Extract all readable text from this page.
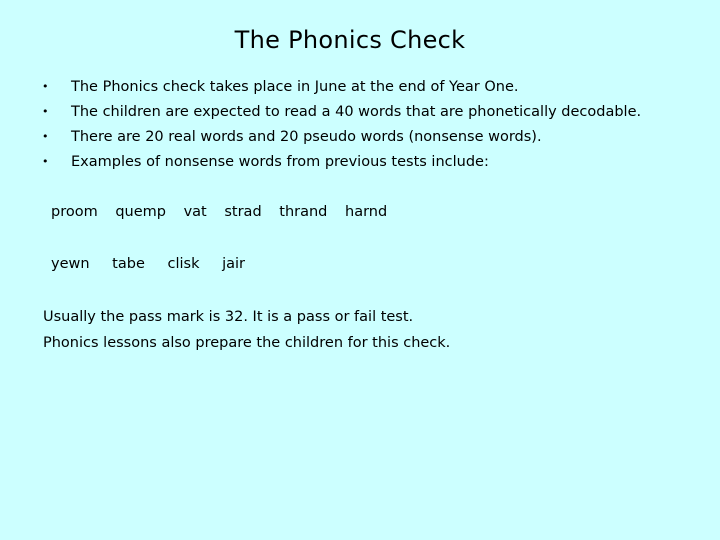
The Phonics Check
• The Phonics check takes place in June at the end of Year One.
• The children are expected to read a 40 words that are phonetically decodable.
• There are 20 real words and 20 pseudo words (nonsense words).
• Examples of nonsense words from previous tests include:
proom quemp vat strad thrand harnd
yewn tabe clisk jair
Usually the pass mark is 32. It is a pass or fail test.
Phonics lessons also prepare the children for this check.
